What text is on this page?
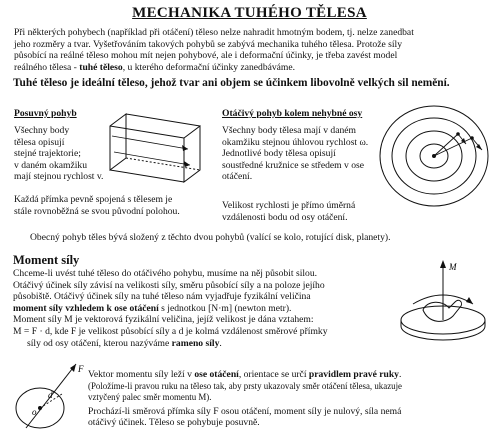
MECHANIKA TUHÉHO TĚLESA
Při některých pohybech (například při otáčení) těleso nelze nahradit hmotným bodem, tj. nelze zanedbat
jeho rozměry a tvar. Vyšetřováním takových pohybů se zabývá mechanika tuhého tělesa. Protože síly
působící na reálné těleso mohou mít nejen pohybové, ale i deformační účinky, je třeba zavést model
reálného tělesa - tuhé těleso, u kterého deformační účinky zanedbáváme.
Tuhé těleso je ideální těleso, jehož tvar ani objem se účinkem libovolně velkých sil nemění.
Posuvný pohyb
Všechny body
tělesa opisují
stejné trajektorie;
v daném okamžiku
mají stejnou rychlost v.
Každá přímka pevně spojená s tělesem je
stále rovnoběžná se svou původní polohou.
Otáčivý pohyb kolem nehybné osy
Všechny body tělesa mají v daném
okamžiku stejnou úhlovou rychlost ω.
Jednotlivé body tělesa opisují
soustředné kružnice se středem v ose
otáčení.
Velikost rychlosti je přímo úměrná
vzdálenosti bodu od osy otáčení.
Obecný pohyb těles bývá složený z těchto dvou pohybů (valící se kolo, rotující disk, planety).
Moment síly
Chceme-li uvést tuhé těleso do otáčivého pohybu, musíme na něj působit silou.
Otáčivý účinek síly závisí na velikosti síly, směru působící síly a na poloze jejího
působiště. Otáčivý účinek síly na tuhé těleso nám vyjadřuje fyzikální veličina
moment síly vzhledem k ose otáčení s jednotkou [N·m] (newton metr).
Moment síly M je vektorová fyzikální veličina, jejíž velikost je dána vztahem:
M = F · d, kde F je velikost působící síly a d je kolmá vzdálenost směrové přímky
síly od osy otáčení, kterou nazýváme rameno síly.
M
o
d
F Vektor momentu síly leží v ose otáčení, orientace se určí pravidlem pravé ruky.
(Položíme-li pravou ruku na těleso tak, aby prsty ukazovaly směr otáčení tělesa, ukazuje
vztyčený palec směr momentu M).
Prochází-li směrová přímka síly F osou otáčení, moment síly je nulový, síla nemá
otáčivý účinek. Těleso se pohybuje posuvně.
